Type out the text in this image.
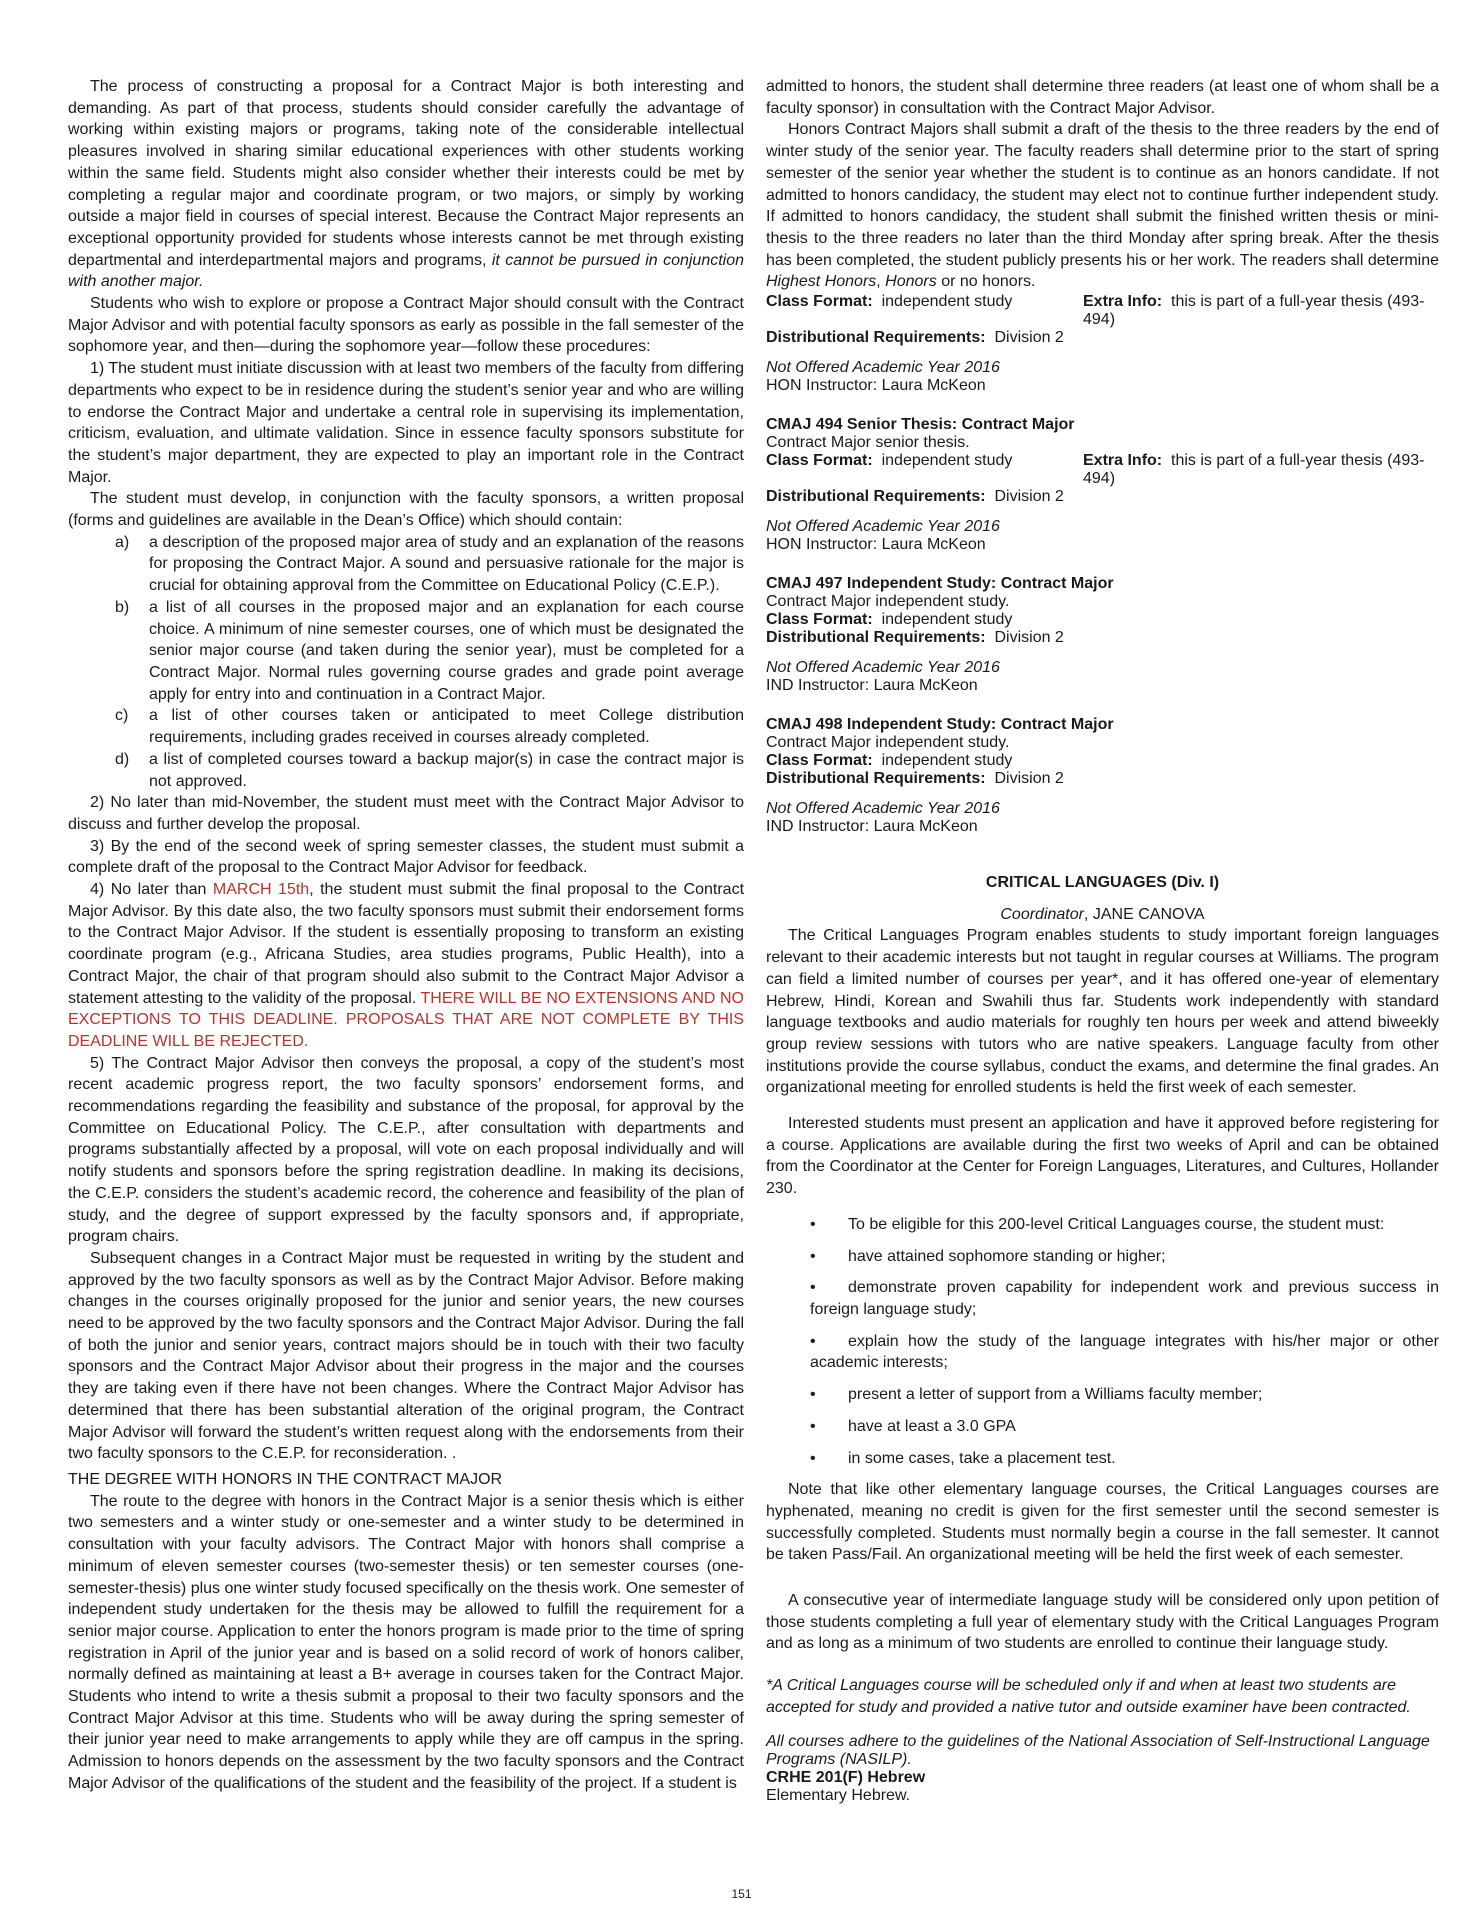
The process of constructing a proposal for a Contract Major is both interesting and demanding. As part of that process, students should consider carefully the advantage of working within existing majors or programs, taking note of the considerable intellectual pleasures involved in sharing similar educational experiences with other students working within the same field. Students might also consider whether their interests could be met by completing a regular major and coordinate program, or two majors, or simply by working outside a major field in courses of special interest. Because the Contract Major represents an exceptional opportunity provided for students whose interests cannot be met through existing departmental and interdepartmental majors and programs, it cannot be pursued in conjunction with another major.

Students who wish to explore or propose a Contract Major should consult with the Contract Major Advisor and with potential faculty sponsors as early as possible in the fall semester of the sophomore year, and then—during the sophomore year—follow these procedures:

1) The student must initiate discussion with at least two members of the faculty from differing departments who expect to be in residence during the student’s senior year and who are willing to endorse the Contract Major and undertake a central role in supervising its implementation, criticism, evaluation, and ultimate validation. Since in essence faculty sponsors substitute for the student’s major department, they are expected to play an important role in the Contract Major.

The student must develop, in conjunction with the faculty sponsors, a written proposal (forms and guidelines are available in the Dean’s Office) which should contain:

a) a description of the proposed major area of study and an explanation of the reasons for proposing the Contract Major. A sound and persuasive rationale for the major is crucial for obtaining approval from the Committee on Educational Policy (C.E.P.).
b) a list of all courses in the proposed major and an explanation for each course choice. A minimum of nine semester courses, one of which must be designated the senior major course (and taken during the senior year), must be completed for a Contract Major. Normal rules governing course grades and grade point average apply for entry into and continuation in a Contract Major.
c) a list of other courses taken or anticipated to meet College distribution requirements, including grades received in courses already completed.
d) a list of completed courses toward a backup major(s) in case the contract major is not approved.

2) No later than mid-November, the student must meet with the Contract Major Advisor to discuss and further develop the proposal.

3) By the end of the second week of spring semester classes, the student must submit a complete draft of the proposal to the Contract Major Advisor for feedback.

4) No later than MARCH 15th, the student must submit the final proposal to the Contract Major Advisor. By this date also, the two faculty sponsors must submit their endorsement forms to the Contract Major Advisor. If the student is essentially proposing to transform an existing coordinate program (e.g., Africana Studies, area studies programs, Public Health), into a Contract Major, the chair of that program should also submit to the Contract Major Advisor a statement attesting to the validity of the proposal. THERE WILL BE NO EXTENSIONS AND NO EXCEPTIONS TO THIS DEADLINE. PROPOSALS THAT ARE NOT COMPLETE BY THIS DEADLINE WILL BE REJECTED.

5) The Contract Major Advisor then conveys the proposal, a copy of the student’s most recent academic progress report, the two faculty sponsors’ endorsement forms, and recommendations regarding the feasibility and substance of the proposal, for approval by the Committee on Educational Policy. The C.E.P., after consultation with departments and programs substantially affected by a proposal, will vote on each proposal individually and will notify students and sponsors before the spring registration deadline. In making its decisions, the C.E.P. considers the student’s academic record, the coherence and feasibility of the plan of study, and the degree of support expressed by the faculty sponsors and, if appropriate, program chairs.

Subsequent changes in a Contract Major must be requested in writing by the student and approved by the two faculty sponsors as well as by the Contract Major Advisor. Before making changes in the courses originally proposed for the junior and senior years, the new courses need to be approved by the two faculty sponsors and the Contract Major Advisor. During the fall of both the junior and senior years, contract majors should be in touch with their two faculty sponsors and the Contract Major Advisor about their progress in the major and the courses they are taking even if there have not been changes. Where the Contract Major Advisor has determined that there has been substantial alteration of the original program, the Contract Major Advisor will forward the student’s written request along with the endorsements from their two faculty sponsors to the C.E.P. for reconsideration. .

THE DEGREE WITH HONORS IN THE CONTRACT MAJOR

The route to the degree with honors in the Contract Major is a senior thesis which is either two semesters and a winter study or one-semester and a winter study to be determined in consultation with your faculty advisors. The Contract Major with honors shall comprise a minimum of eleven semester courses (two-semester thesis) or ten semester courses (one-semester-thesis) plus one winter study focused specifically on the thesis work. One semester of independent study undertaken for the thesis may be allowed to fulfill the requirement for a senior major course. Application to enter the honors program is made prior to the time of spring registration in April of the junior year and is based on a solid record of work of honors caliber, normally defined as maintaining at least a B+ average in courses taken for the Contract Major. Students who intend to write a thesis submit a proposal to their two faculty sponsors and the Contract Major Advisor at this time. Students who will be away during the spring semester of their junior year need to make arrangements to apply while they are off campus in the spring. Admission to honors depends on the assessment by the two faculty sponsors and the Contract Major Advisor of the qualifications of the student and the feasibility of the project. If a student is

admitted to honors, the student shall determine three readers (at least one of whom shall be a faculty sponsor) in consultation with the Contract Major Advisor.

Honors Contract Majors shall submit a draft of the thesis to the three readers by the end of winter study of the senior year. The faculty readers shall determine prior to the start of spring semester of the senior year whether the student is to continue as an honors candidate. If not admitted to honors candidacy, the student may elect not to continue further independent study. If admitted to honors candidacy, the student shall submit the finished written thesis or mini-thesis to the three readers no later than the third Monday after spring break. After the thesis has been completed, the student publicly presents his or her work. The readers shall determine Highest Honors, Honors or no honors.

Class Format: independent study	Extra Info: this is part of a full-year thesis (493-494)

Distributional Requirements: Division 2

Not Offered Academic Year 2016

HON Instructor: Laura McKeon

CMAJ 494 Senior Thesis: Contract Major

Contract Major senior thesis.

Class Format: independent study	Extra Info: this is part of a full-year thesis (493-494)

Distributional Requirements: Division 2

Not Offered Academic Year 2016

HON Instructor: Laura McKeon

CMAJ 497 Independent Study: Contract Major

Contract Major independent study.

Class Format: independent study

Distributional Requirements: Division 2

Not Offered Academic Year 2016

IND Instructor: Laura McKeon

CMAJ 498 Independent Study: Contract Major

Contract Major independent study.

Class Format: independent study

Distributional Requirements: Division 2

Not Offered Academic Year 2016

IND Instructor: Laura McKeon

CRITICAL LANGUAGES (Div. I)

Coordinator, JANE CANOVA

The Critical Languages Program enables students to study important foreign languages relevant to their academic interests but not taught in regular courses at Williams. The program can field a limited number of courses per year*, and it has offered one-year of elementary Hebrew, Hindi, Korean and Swahili thus far. Students work independently with standard language textbooks and audio materials for roughly ten hours per week and attend biweekly group review sessions with tutors who are native speakers. Language faculty from other institutions provide the course syllabus, conduct the exams, and determine the final grades. An organizational meeting for enrolled students is held the first week of each semester.

Interested students must present an application and have it approved before registering for a course. Applications are available during the first two weeks of April and can be obtained from the Coordinator at the Center for Foreign Languages, Literatures, and Cultures, Hollander 230.

• To be eligible for this 200-level Critical Languages course, the student must:
• have attained sophomore standing or higher;
• demonstrate proven capability for independent work and previous success in foreign language study;
• explain how the study of the language integrates with his/her major or other academic interests;
• present a letter of support from a Williams faculty member;
• have at least a 3.0 GPA
• in some cases, take a placement test.

Note that like other elementary language courses, the Critical Languages courses are hyphenated, meaning no credit is given for the first semester until the second semester is successfully completed. Students must normally begin a course in the fall semester. It cannot be taken Pass/Fail. An organizational meeting will be held the first week of each semester.

A consecutive year of intermediate language study will be considered only upon petition of those students completing a full year of elementary study with the Critical Languages Program and as long as a minimum of two students are enrolled to continue their language study.

*A Critical Languages course will be scheduled only if and when at least two students are accepted for study and provided a native tutor and outside examiner have been contracted.

All courses adhere to the guidelines of the National Association of Self-Instructional Language Programs (NASILP).

CRHE 201(F) Hebrew

Elementary Hebrew.

151
